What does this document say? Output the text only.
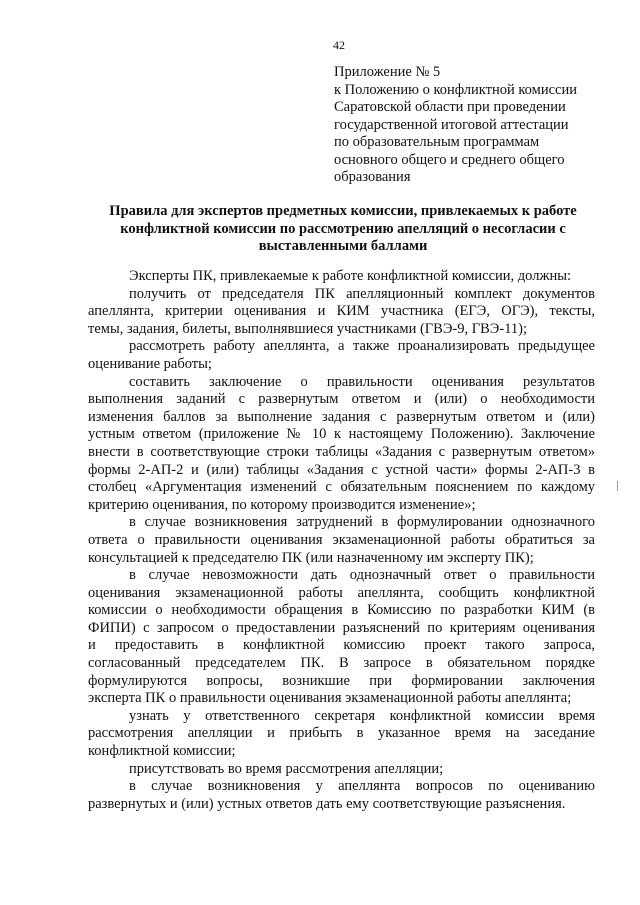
42
Приложение № 5
к Положению о конфликтной комиссии
Саратовской области при проведении
государственной итоговой аттестации
по образовательным программам
основного общего и среднего общего
образования
Правила для экспертов предметных комиссии, привлекаемых к работе
конфликтной комиссии по рассмотрению апелляций о несогласии с
выставленными баллами

Эксперты ПК, привлекаемые к работе конфликтной комиссии, должны:

получить от председателя ПК апелляционный комплект документов
апеллянта, критерии оценивания и КИМ участника (ЕГЭ, ОГЭ), тексты,
темы, задания, билеты, выполнявшиеся участниками (ГВЭ-9, ГВЭ-11);

рассмотреть работу апеллянта, а также проанализировать предыдущее
оценивание работы;

составить заключение о правильности оценивания результатов
выполнения заданий с развернутым ответом и (или) о необходимости
изменения баллов за выполнение задания с развернутым ответом и (или)
устным ответом (приложение № 10 к настоящему Положению). Заключение
внести в соответствующие строки таблицы «Задания с развернутым ответом»
формы 2-АП-2 и (или) таблицы «Задания с устной части» формы 2-АП-3 в
столбец «Аргументация изменений с обязательным пояснением по каждому
критерию оценивания, по которому производится изменение»;

в случае возникновения затруднений в формулировании однозначного
ответа о правильности оценивания экзаменационной работы обратиться за
консультацией к председателю ПК (или назначенному им эксперту ПК);

в случае невозможности дать однозначный ответ о правильности
оценивания экзаменационной работы апеллянта, сообщить конфликтной
комиссии о необходимости обращения в Комиссию по разработки КИМ (в
ФИПИ) с запросом о предоставлении разъяснений по критериям оценивания
и предоставить в конфликтной комиссию проект такого запроса,
согласованный председателем ПК. В запросе в обязательном порядке
формулируются вопросы, возникшие при формировании заключения
эксперта ПК о правильности оценивания экзаменационной работы апеллянта;

узнать у ответственного секретаря конфликтной комиссии время
рассмотрения апелляции и прибыть в указанное время на заседание
конфликтной комиссии;

присутствовать во время рассмотрения апелляции;

в случае возникновения у апеллянта вопросов по оцениванию
развернутых и (или) устных ответов дать ему соответствующие разъяснения.
